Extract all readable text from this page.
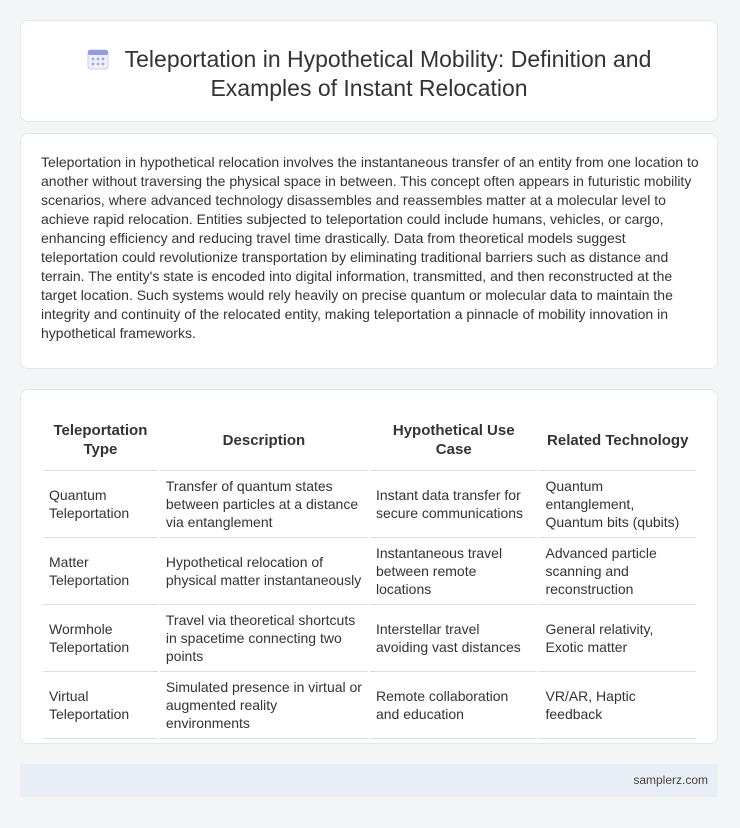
Teleportation in Hypothetical Mobility: Definition and Examples of Instant Relocation

Teleportation in hypothetical relocation involves the instantaneous transfer of an entity from one location to another without traversing the physical space in between. This concept often appears in futuristic mobility scenarios, where advanced technology disassembles and reassembles matter at a molecular level to achieve rapid relocation. Entities subjected to teleportation could include humans, vehicles, or cargo, enhancing efficiency and reducing travel time drastically. Data from theoretical models suggest teleportation could revolutionize transportation by eliminating traditional barriers such as distance and terrain. The entity's state is encoded into digital information, transmitted, and then reconstructed at the target location. Such systems would rely heavily on precise quantum or molecular data to maintain the integrity and continuity of the relocated entity, making teleportation a pinnacle of mobility innovation in hypothetical frameworks.

Teleportation Type	Description	Hypothetical Use Case	Related Technology
Quantum Teleportation	Transfer of quantum states between particles at a distance via entanglement	Instant data transfer for secure communications	Quantum entanglement, Quantum bits (qubits)
Matter Teleportation	Hypothetical relocation of physical matter instantaneously	Instantaneous travel between remote locations	Advanced particle scanning and reconstruction
Wormhole Teleportation	Travel via theoretical shortcuts in spacetime connecting two points	Interstellar travel avoiding vast distances	General relativity, Exotic matter
Virtual Teleportation	Simulated presence in virtual or augmented reality environments	Remote collaboration and education	VR/AR, Haptic feedback
samplerz.com
